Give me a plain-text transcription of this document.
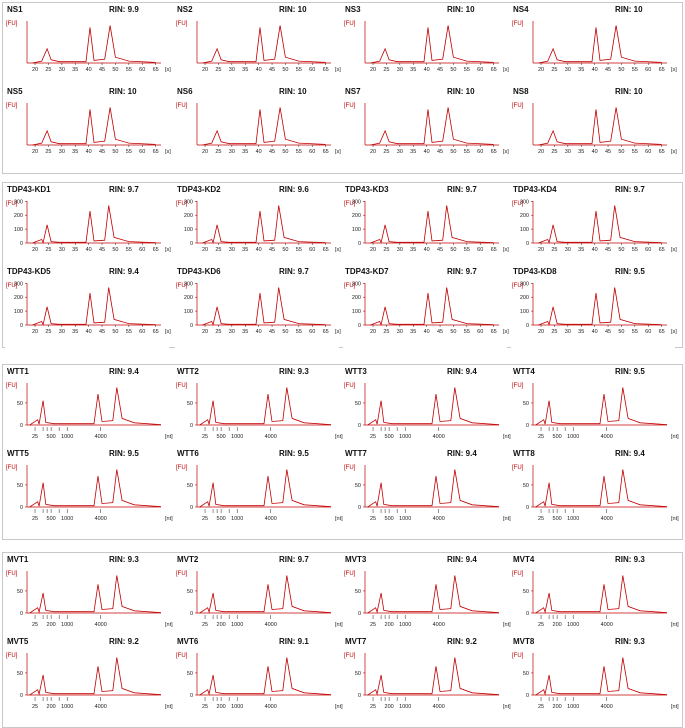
NS1	RIN: 9.9
[FU]
20 25 30 35 40 45 50 55 60 65 [s]
NS2	RIN: 10
[FU]
20 25 30 35 40 45 50 55 60 65 [s]
NS3	RIN: 10
[FU]
20 25 30 35 40 45 50 55 60 65 [s]
NS4	RIN: 10
[FU]
20 25 30 35 40 45 50 55 60 65 [s]
NS5	RIN: 10
[FU]
20 25 30 35 40 45 50 55 60 65 [s]
NS6	RIN: 10
[FU]
20 25 30 35 40 45 50 55 60 65 [s]
NS7	RIN: 10
[FU]
20 25 30 35 40 45 50 55 60 65 [s]
NS8	RIN: 10
[FU]
20 25 30 35 40 45 50 55 60 65 [s]
TDP43-KD1	RIN: 9.7
[FU]
0
100
200
300
20 25 30 35 40 45 50 55 60 65 [s]
TDP43-KD2	RIN: 9.6
[FU]
0
100
200
300
20 25 30 35 40 45 50 55 60 65 [s]
TDP43-KD3	RIN: 9.7
[FU]
0
100
200
300
20 25 30 35 40 45 50 55 60 65 [s]
TDP43-KD4	RIN: 9.7
[FU]
0
100
200
300
20 25 30 35 40 45 50 55 60 65 [s]
TDP43-KD5	RIN: 9.4
[FU]
0
100
200
300
20 25 30 35 40 45 50 55 60 65 [s]
TDP43-KD6	RIN: 9.7
[FU]
0
100
200
300
20 25 30 35 40 45 50 55 60 65 [s]
TDP43-KD7	RIN: 9.7
[FU]
0
100
200
300
20 25 30 35 40 45 50 55 60 65 [s]
TDP43-KD8	RIN: 9.5
[FU]
0
100
200
300
20 25 30 35 40 45 50 55 60 65 [s]
WTT1	RIN: 9.4
[FU]
0
50
25 500 1000	4000	[nt]
WTT2	RIN: 9.3
[FU]
0
50
25 500 1000	4000	[nt]
WTT3	RIN: 9.4
[FU]
0
50
25 500 1000	4000	[nt]
WTT4	RIN: 9.5
[FU]
0
50
25 500 1000	4000	[nt]
WTT5	RIN: 9.5
[FU]
0
50
25 500 1000	4000	[nt]
WTT6	RIN: 9.5
[FU]
0
50
25 500 1000	4000	[nt]
WTT7	RIN: 9.4
[FU]
0
50
25 500 1000	4000	[nt]
WTT8	RIN: 9.4
[FU]
0
50
25 500 1000	4000	[nt]
MVT1	RIN: 9.3
[FU]
0
50
25 200 1000	4000	[nt]
MVT2	RIN: 9.7
[FU]
0
50
25 200 1000	4000	[nt]
MVT3	RIN: 9.4
[FU]
0
50
25 200 1000	4000	[nt]
MVT4	RIN: 9.3
[FU]
0
50
25 200 1000	4000	[nt]
MVT5	RIN: 9.2
[FU]
0
50
25 200 1000	4000	[nt]
MVT6	RIN: 9.1
[FU]
0
50
25 200 1000	4000	[nt]
MVT7	RIN: 9.2
[FU]
0
50
25 200 1000	4000	[nt]
MVT8	RIN: 9.3
[FU]
0
50
25 200 1000	4000	[nt]
